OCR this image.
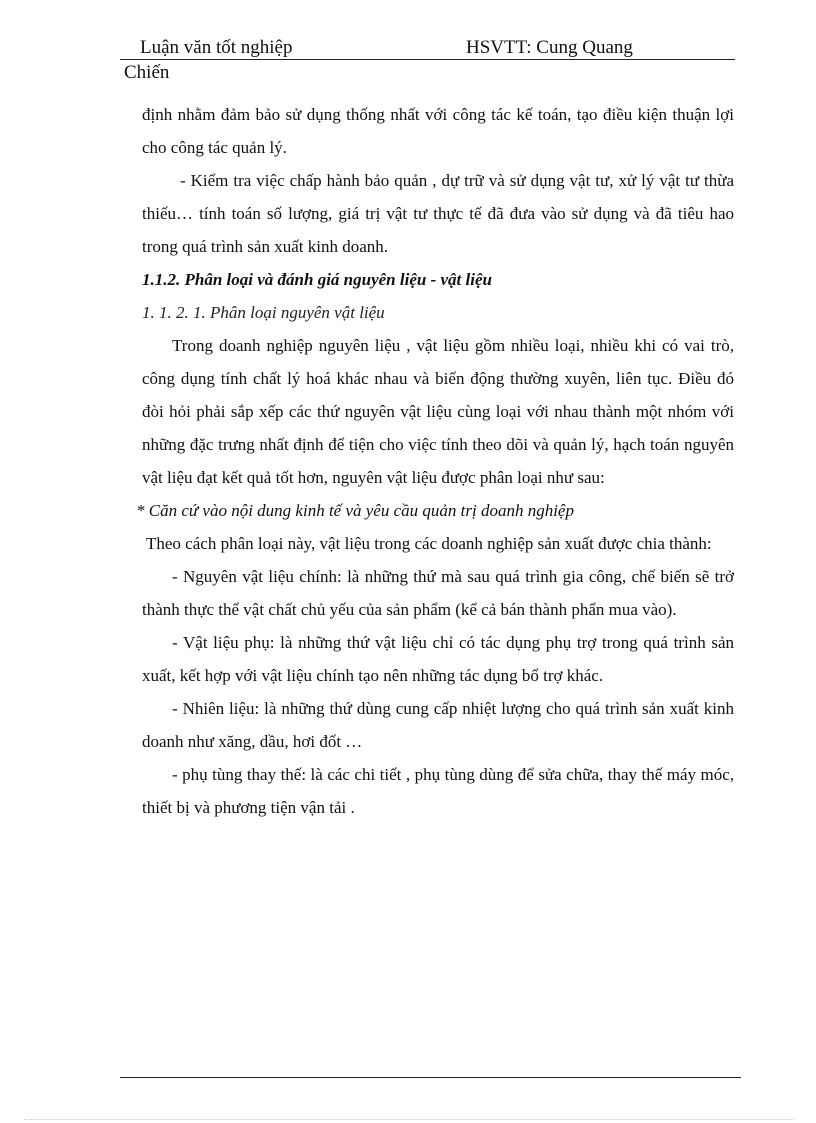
Luận văn tốt nghiệp	HSVTT: Cung Quang
Chiến

định nhằm đảm bảo sử dụng thống nhất với công tác kế toán, tạo điều kiện thuận lợi cho công tác quản lý.

- Kiểm tra việc chấp hành bảo quản , dự trữ và sử dụng vật tư, xử lý vật tư thừa thiếu… tính toán số lượng, giá trị vật tư thực tế đã đưa vào sử dụng và đã tiêu hao trong quá trình sản xuất kinh doanh.

1.1.2. Phân loại và đánh giá nguyên liệu - vật liệu

1. 1. 2. 1. Phân loại nguyên vật liệu

Trong doanh nghiệp nguyên liệu , vật liệu gồm nhiều loại, nhiều khi có vai trò, công dụng tính chất lý hoá khác nhau và biến động thường xuyên, liên tục. Điều đó đòi hỏi phải sắp xếp các thứ nguyên vật liệu cùng loại với nhau thành một nhóm với những đặc trưng nhất định để tiện cho việc tính theo dõi và quản lý, hạch toán nguyên vật liệu đạt kết quả tốt hơn, nguyên vật liệu được phân loại như sau:

* Căn cứ vào nội dung kinh tế và yêu cầu quản trị doanh nghiệp

Theo cách phân loại này, vật liệu trong các doanh nghiệp sản xuất được chia thành:

- Nguyên vật liệu chính: là những thứ mà sau quá trình gia công, chế biến sẽ trở thành thực thể vật chất chủ yếu của sản phẩm (kể cả bán thành phẩn mua vào).

- Vật liệu phụ: là những thứ vật liệu chỉ có tác dụng phụ trợ trong quá trình sản xuất, kết hợp với vật liệu chính tạo nên những tác dụng bổ trợ khác.

- Nhiên liệu: là những thứ dùng cung cấp nhiệt lượng cho quá trình sản xuất kinh doanh như xăng, dầu, hơi đốt …

- phụ tùng thay thế: là các chi tiết , phụ tùng dùng để sửa chữa, thay thế máy móc, thiết bị và phương tiện vận tải .
